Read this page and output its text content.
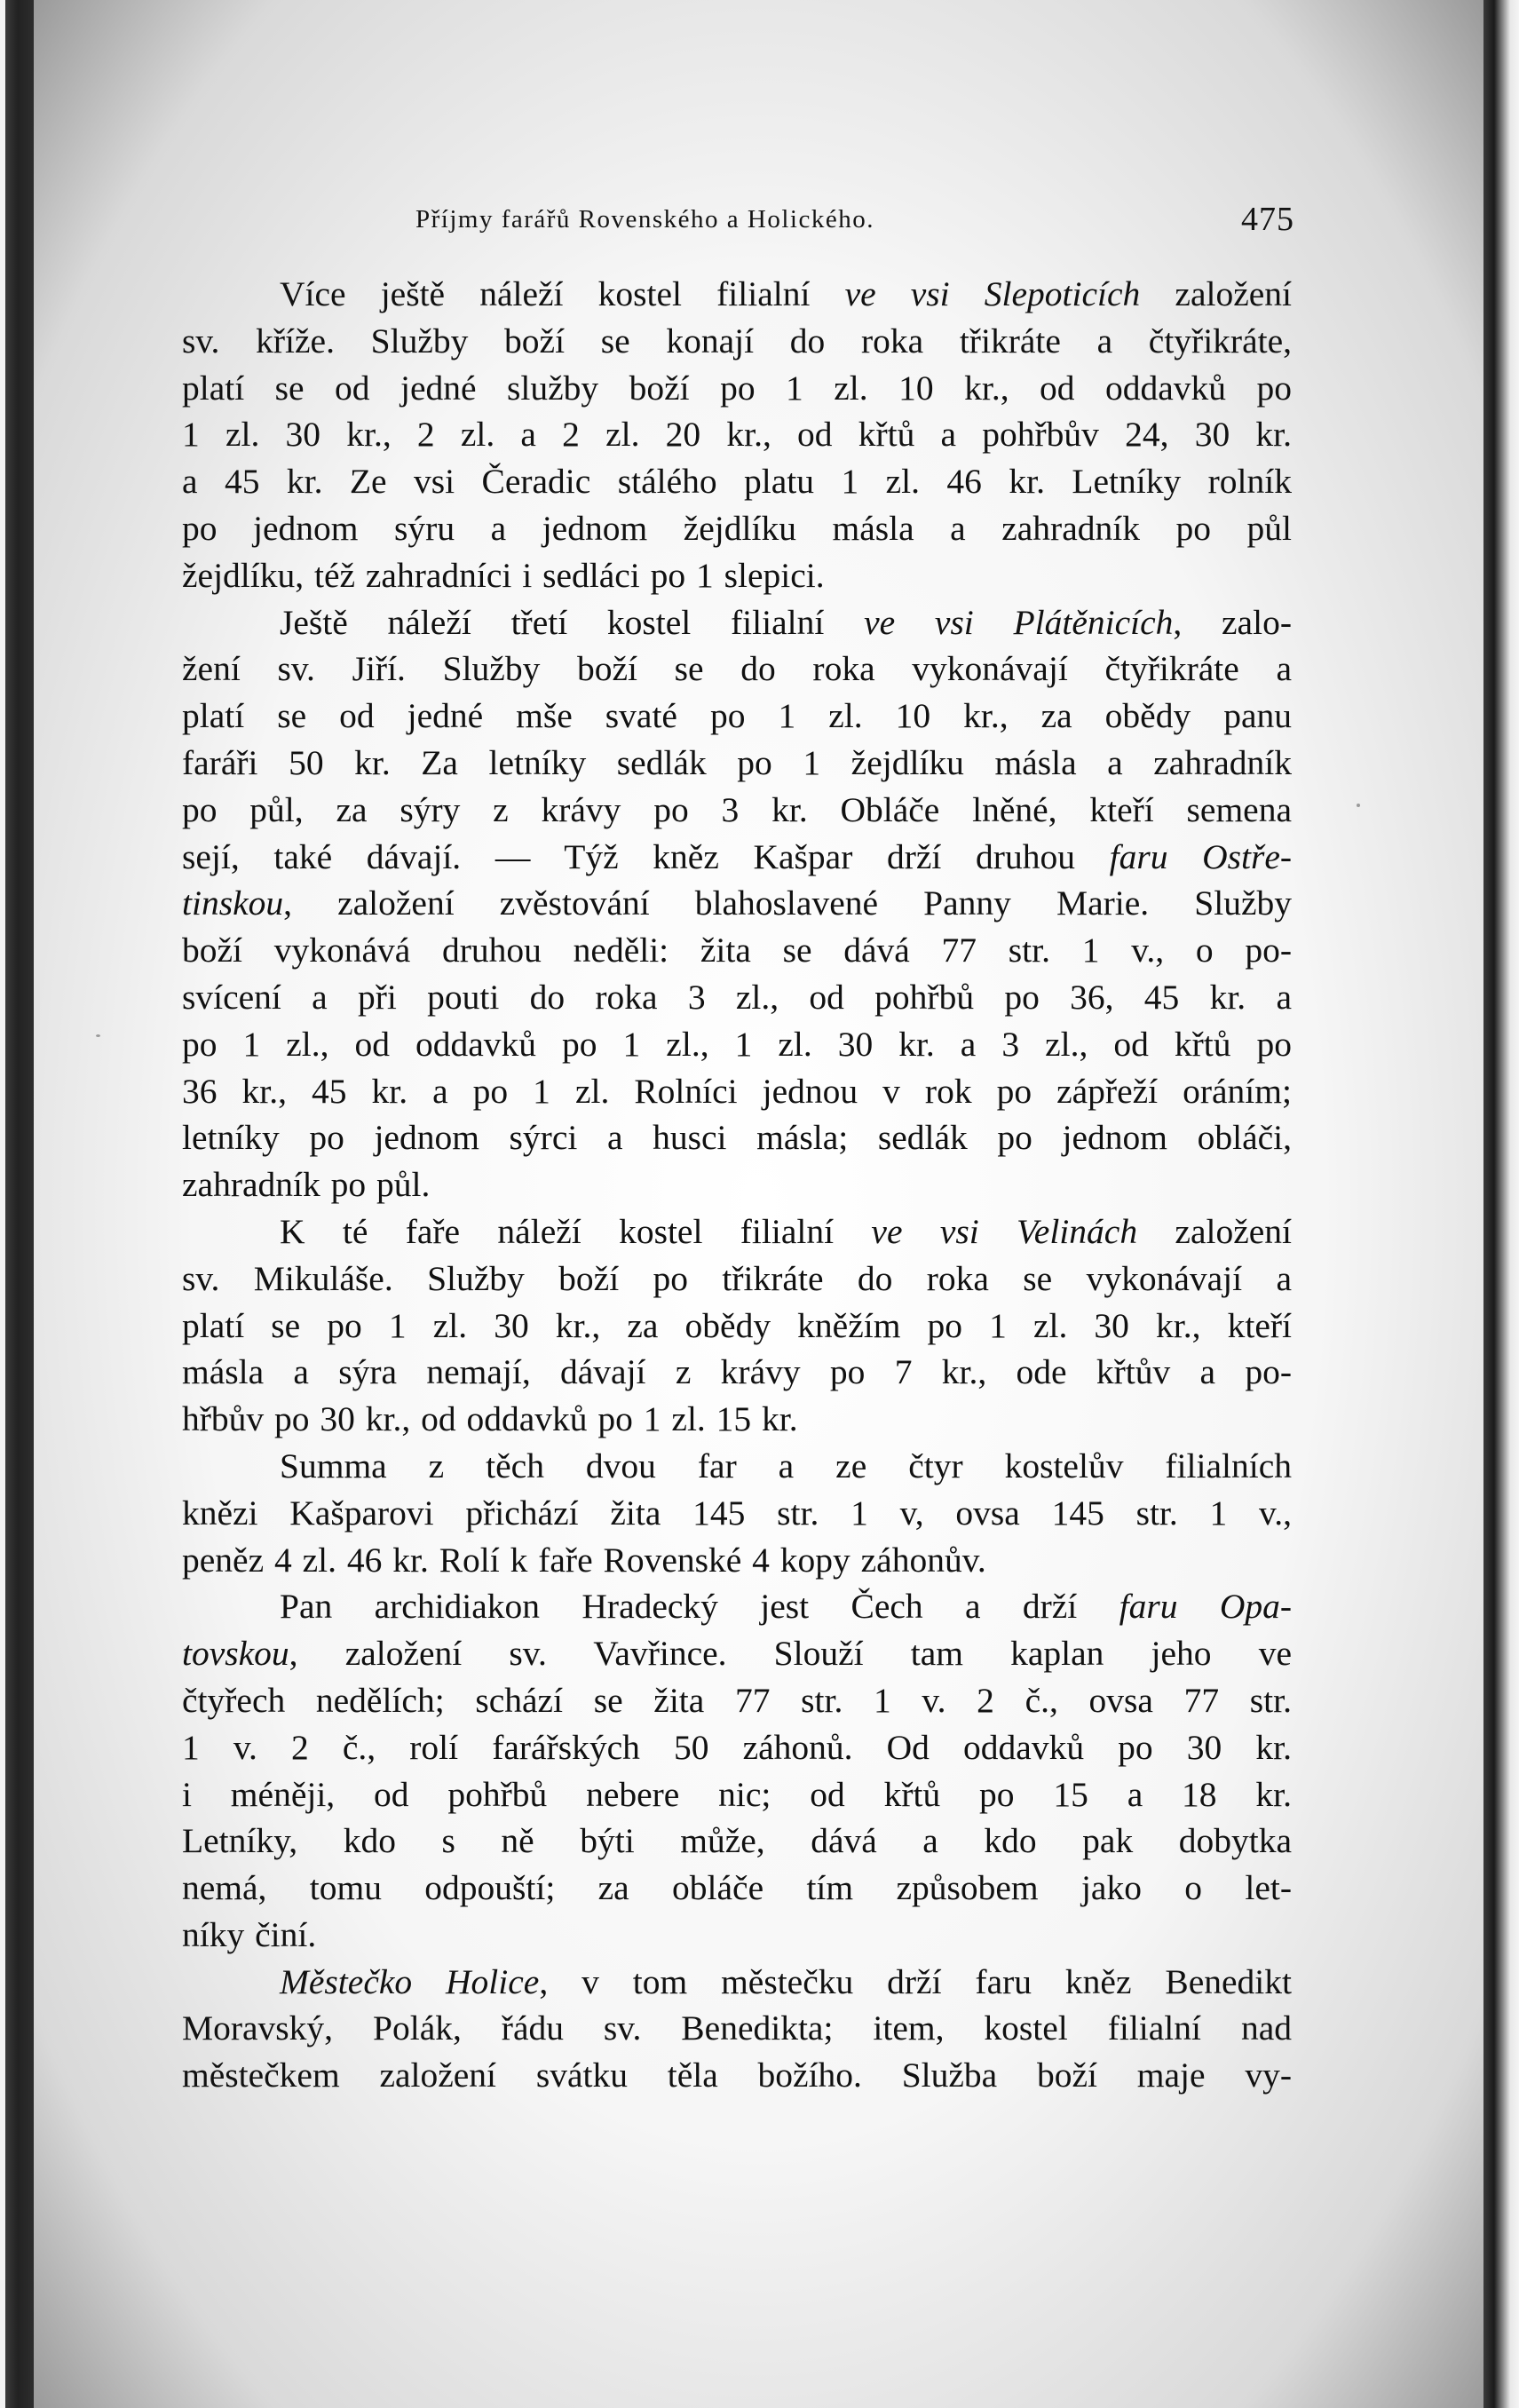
Příjmy farářů Rovenského a Holického.	475
Více ještě náleží kostel filialní ve vsi Slepoticích založení
sv. kříže. Služby boží se konají do roka třikráte a čtyřikráte,
platí se od jedné služby boží po 1 zl. 10 kr., od oddavků po
1 zl. 30 kr., 2 zl. a 2 zl. 20 kr., od křtů a pohřbův 24, 30 kr.
a 45 kr. Ze vsi Čeradic stálého platu 1 zl. 46 kr. Letníky rolník
po jednom sýru a jednom žejdlíku másla a zahradník po půl
žejdlíku, též zahradníci i sedláci po 1 slepici.
Ještě náleží třetí kostel filialní ve vsi Plátěnicích, zalo-
žení sv. Jiří. Služby boží se do roka vykonávají čtyřikráte a
platí se od jedné mše svaté po 1 zl. 10 kr., za obědy panu
faráři 50 kr. Za letníky sedlák po 1 žejdlíku másla a zahradník
po půl, za sýry z krávy po 3 kr. Obláče lněné, kteří semena
sejí, také dávají. — Týž kněz Kašpar drží druhou faru Ostře-
tinskou, založení zvěstování blahoslavené Panny Marie. Služby
boží vykonává druhou neděli: žita se dává 77 str. 1 v., o po-
svícení a při pouti do roka 3 zl., od pohřbů po 36, 45 kr. a
po 1 zl., od oddavků po 1 zl., 1 zl. 30 kr. a 3 zl., od křtů po
36 kr., 45 kr. a po 1 zl. Rolníci jednou v rok po zápřeží oráním;
letníky po jednom sýrci a husci másla; sedlák po jednom obláči,
zahradník po půl.
K té faře náleží kostel filialní ve vsi Velinách založení
sv. Mikuláše. Služby boží po třikráte do roka se vykonávají a
platí se po 1 zl. 30 kr., za obědy kněžím po 1 zl. 30 kr., kteří
másla a sýra nemají, dávají z krávy po 7 kr., ode křtův a po-
hřbův po 30 kr., od oddavků po 1 zl. 15 kr.
Summa z těch dvou far a ze čtyr kostelův filialních
knězi Kašparovi přichází žita 145 str. 1 v, ovsa 145 str. 1 v.,
peněz 4 zl. 46 kr. Rolí k faře Rovenské 4 kopy záhonův.
Pan archidiakon Hradecký jest Čech a drží faru Opa-
tovskou, založení sv. Vavřince. Slouží tam kaplan jeho ve
čtyřech nedělích; schází se žita 77 str. 1 v. 2 č., ovsa 77 str.
1 v. 2 č., rolí farářských 50 záhonů. Od oddavků po 30 kr.
i méněji, od pohřbů nebere nic; od křtů po 15 a 18 kr.
Letníky, kdo s ně býti může, dává a kdo pak dobytka
nemá, tomu odpouští; za obláče tím způsobem jako o let-
níky činí.
Městečko Holice, v tom městečku drží faru kněz Benedikt
Moravský, Polák, řádu sv. Benedikta; item, kostel filialní nad
městečkem založení svátku těla božího. Služba boží maje vy-
